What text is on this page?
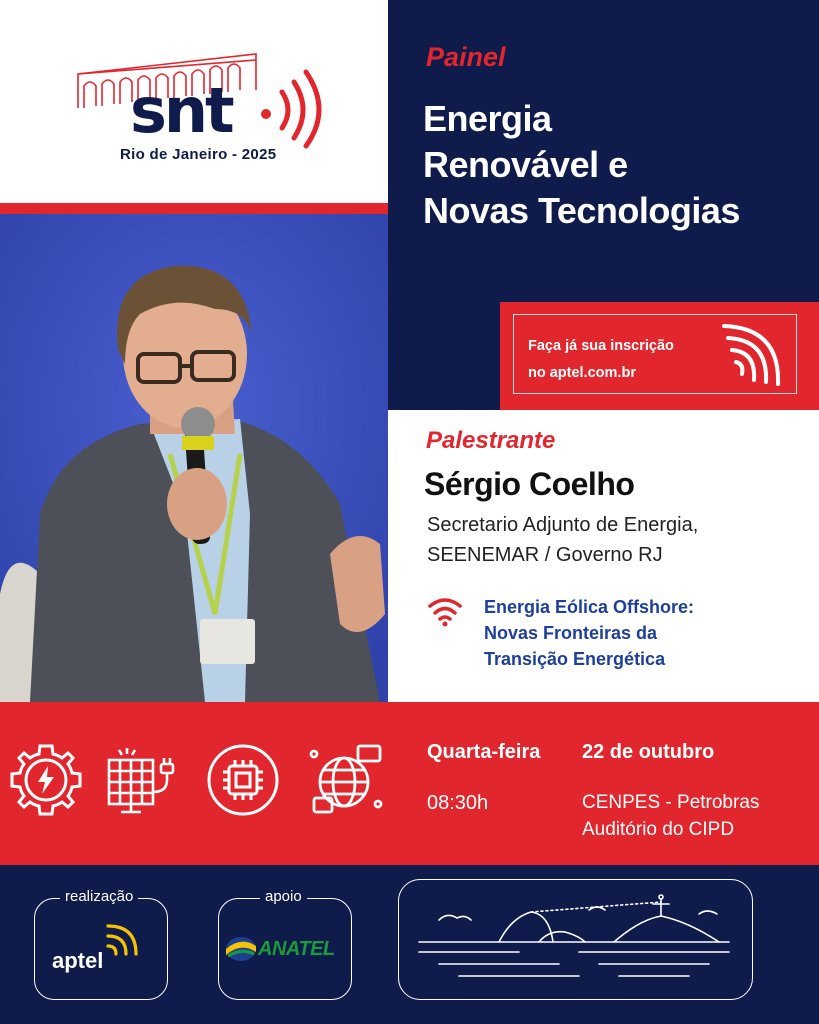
snt
Rio de Janeiro - 2025
Painel
Energia
Renovável e
Novas Tecnologias
Faça já sua inscrição
no aptel.com.br
Palestrante
Sérgio Coelho
Secretario Adjunto de Energia,
SEENEMAR / Governo RJ
Energia Eólica Offshore:
Novas Fronteiras da
Transição Energética
Quarta-feira 22 de outubro
08:30h	CENPES - Petrobras
Auditório do CIPD
realização
aptel
apoio
ANATEL
